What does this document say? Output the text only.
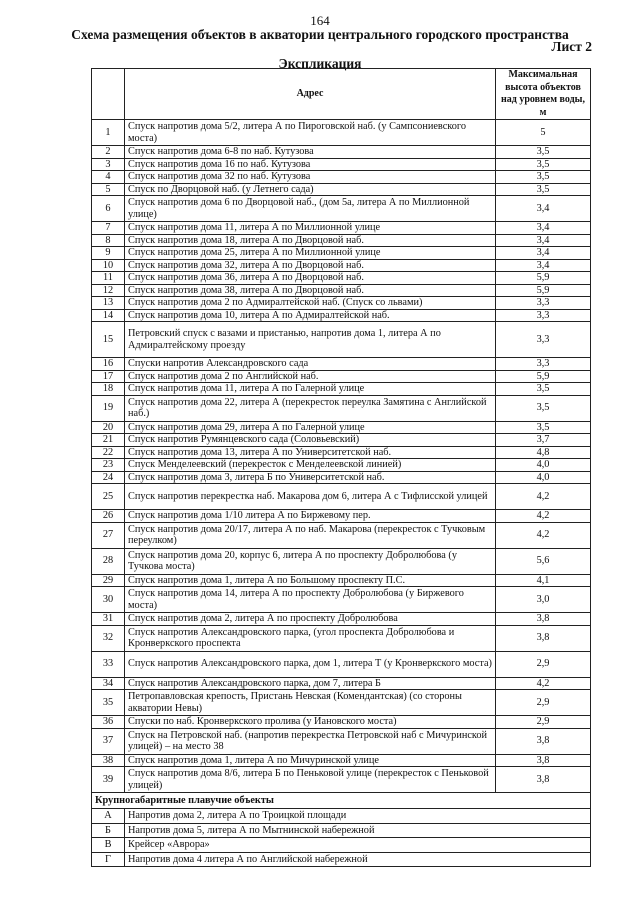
164
Схема размещения объектов в акватории центрального городского пространства
Лист 2
Экспликация
	Адрес	Максимальная высота объектов над уровнем воды, м
1	Спуск напротив дома 5/2, литера А по Пироговской наб. (у Сампсониевского моста)	5
2	Спуск напротив дома 6-8 по наб. Кутузова	3,5
3	Спуск напротив дома 16 по наб. Кутузова	3,5
4	Спуск напротив дома 32 по наб. Кутузова	3,5
5	Спуск по Дворцовой наб. (у Летнего сада)	3,5
6	Спуск напротив дома 6 по Дворцовой наб., (дом 5а, литера А по Миллионной улице)	3,4
7	Спуск напротив дома 11, литера А по Миллионной улице	3,4
8	Спуск напротив дома 18, литера А по Дворцовой наб.	3,4
9	Спуск напротив дома 25, литера А по Миллионной улице	3,4
10	Спуск напротив дома 32, литера А по Дворцовой наб.	3,4
11	Спуск напротив дома 36, литера А по Дворцовой наб.	5,9
12	Спуск напротив дома 38, литера А по Дворцовой наб.	5,9
13	Спуск напротив дома 2 по Адмиралтейской наб. (Спуск со львами)	3,3
14	Спуск напротив дома 10, литера А по Адмиралтейской наб.	3,3
15	Петровский спуск с вазами и пристанью, напротив дома 1, литера А по Адмиралтейскому проезду	3,3
16	Спуски напротив Александровского сада	3,3
17	Спуск напротив дома 2 по Английской наб.	5,9
18	Спуск напротив дома 11, литера А по Галерной улице	3,5
19	Спуск напротив дома 22, литера А (перекресток переулка Замятина с Английской наб.)	3,5
20	Спуск напротив дома 29, литера А по Галерной улице	3,5
21	Спуск напротив Румянцевского сада (Соловьевский)	3,7
22	Спуск напротив дома 13, литера А по Университетской наб.	4,8
23	Спуск Менделеевский (перекресток с Менделеевской линией)	4,0
24	Спуск напротив дома 3, литера Б по Университетской наб.	4,0
25	Спуск напротив перекрестка наб. Макарова дом 6, литера А с Тифлисской улицей	4,2
26	Спуск напротив дома 1/10 литера А по Биржевому пер.	4,2
27	Спуск напротив дома 20/17, литера А по наб. Макарова (перекресток с Тучковым переулком)	4,2
28	Спуск напротив дома 20, корпус 6, литера А по проспекту Добролюбова (у Тучкова моста)	5,6
29	Спуск напротив дома 1, литера А по Большому проспекту П.С.	4,1
30	Спуск напротив дома 14, литера А по проспекту Добролюбова (у Биржевого моста)	3,0
31	Спуск напротив дома 2, литера А по проспекту Добролюбова	3,8
32	Спуск напротив Александровского парка, (угол проспекта Добролюбова и Кронверкского проспекта	3,8
33	Спуск напротив Александровского парка, дом 1, литера Т (у Кронверкского моста)	2,9
34	Спуск напротив Александровского парка, дом 7, литера Б	4,2
35	Петропавловская крепость, Пристань Невская (Комендантская) (со стороны акватории Невы)	2,9
36	Спуски по наб. Кронверкского пролива (у Иановского моста)	2,9
37	Спуск на Петровской наб. (напротив перекрестка Петровской наб с Мичуринской улицей) – на место 38	3,8
38	Спуск напротив дома 1, литера А по Мичуринской улице	3,8
39	Спуск напротив дома 8/6, литера Б по Пеньковой улице (перекресток с Пеньковой улицей)	3,8
Крупногабаритные плавучие объекты		
А	Напротив дома 2, литера А по Троицкой площади	
Б	Напротив дома 5, литера А по Мытнинской набережной	
В	Крейсер «Аврора»	
Г	Напротив дома 4 литера А по Английской набережной	
